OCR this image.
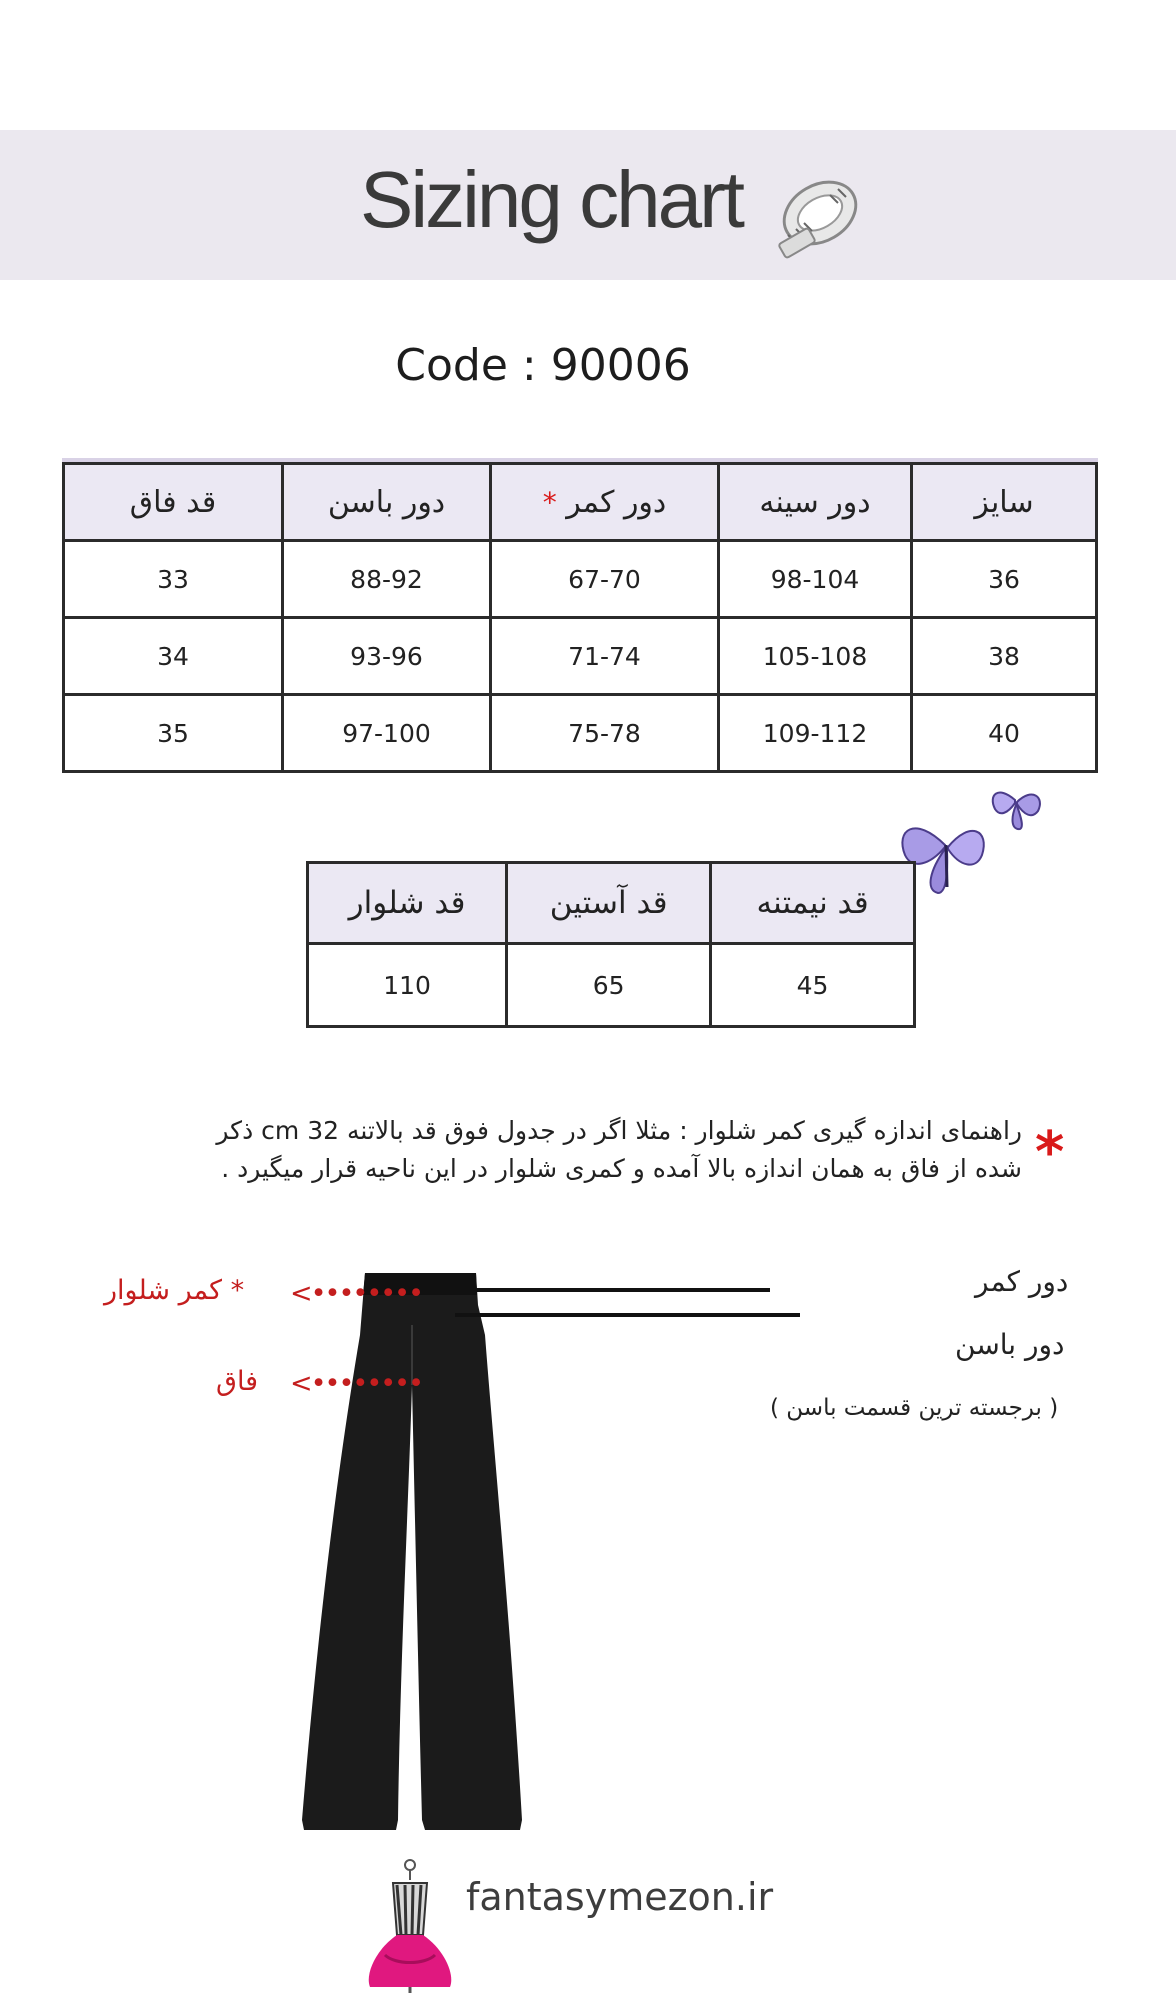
Sizing chart
Code : 90006
قد فاق	دور باسن	* دور کمر	دور سینه	سایز
33	88-92	67-70	98-104	36
34	93-96	71-74	105-108	38
35	97-100	75-78	109-112	40
قد شلوار	قد آستین	قد نیمتنه
110	65	45
*
راهنمای اندازه گیری کمر شلوار : مثلا اگر در جدول فوق قد بالاتنه 32 cm ذکر
شده از فاق به همان اندازه بالا آمده و کمری شلوار در این ناحیه قرار میگیرد .
دور کمر
دور باسن
( برجسته ترین قسمت باسن )
* کمر شلوار <••••••••
فاق <••••••••
fantasymezon.ir
